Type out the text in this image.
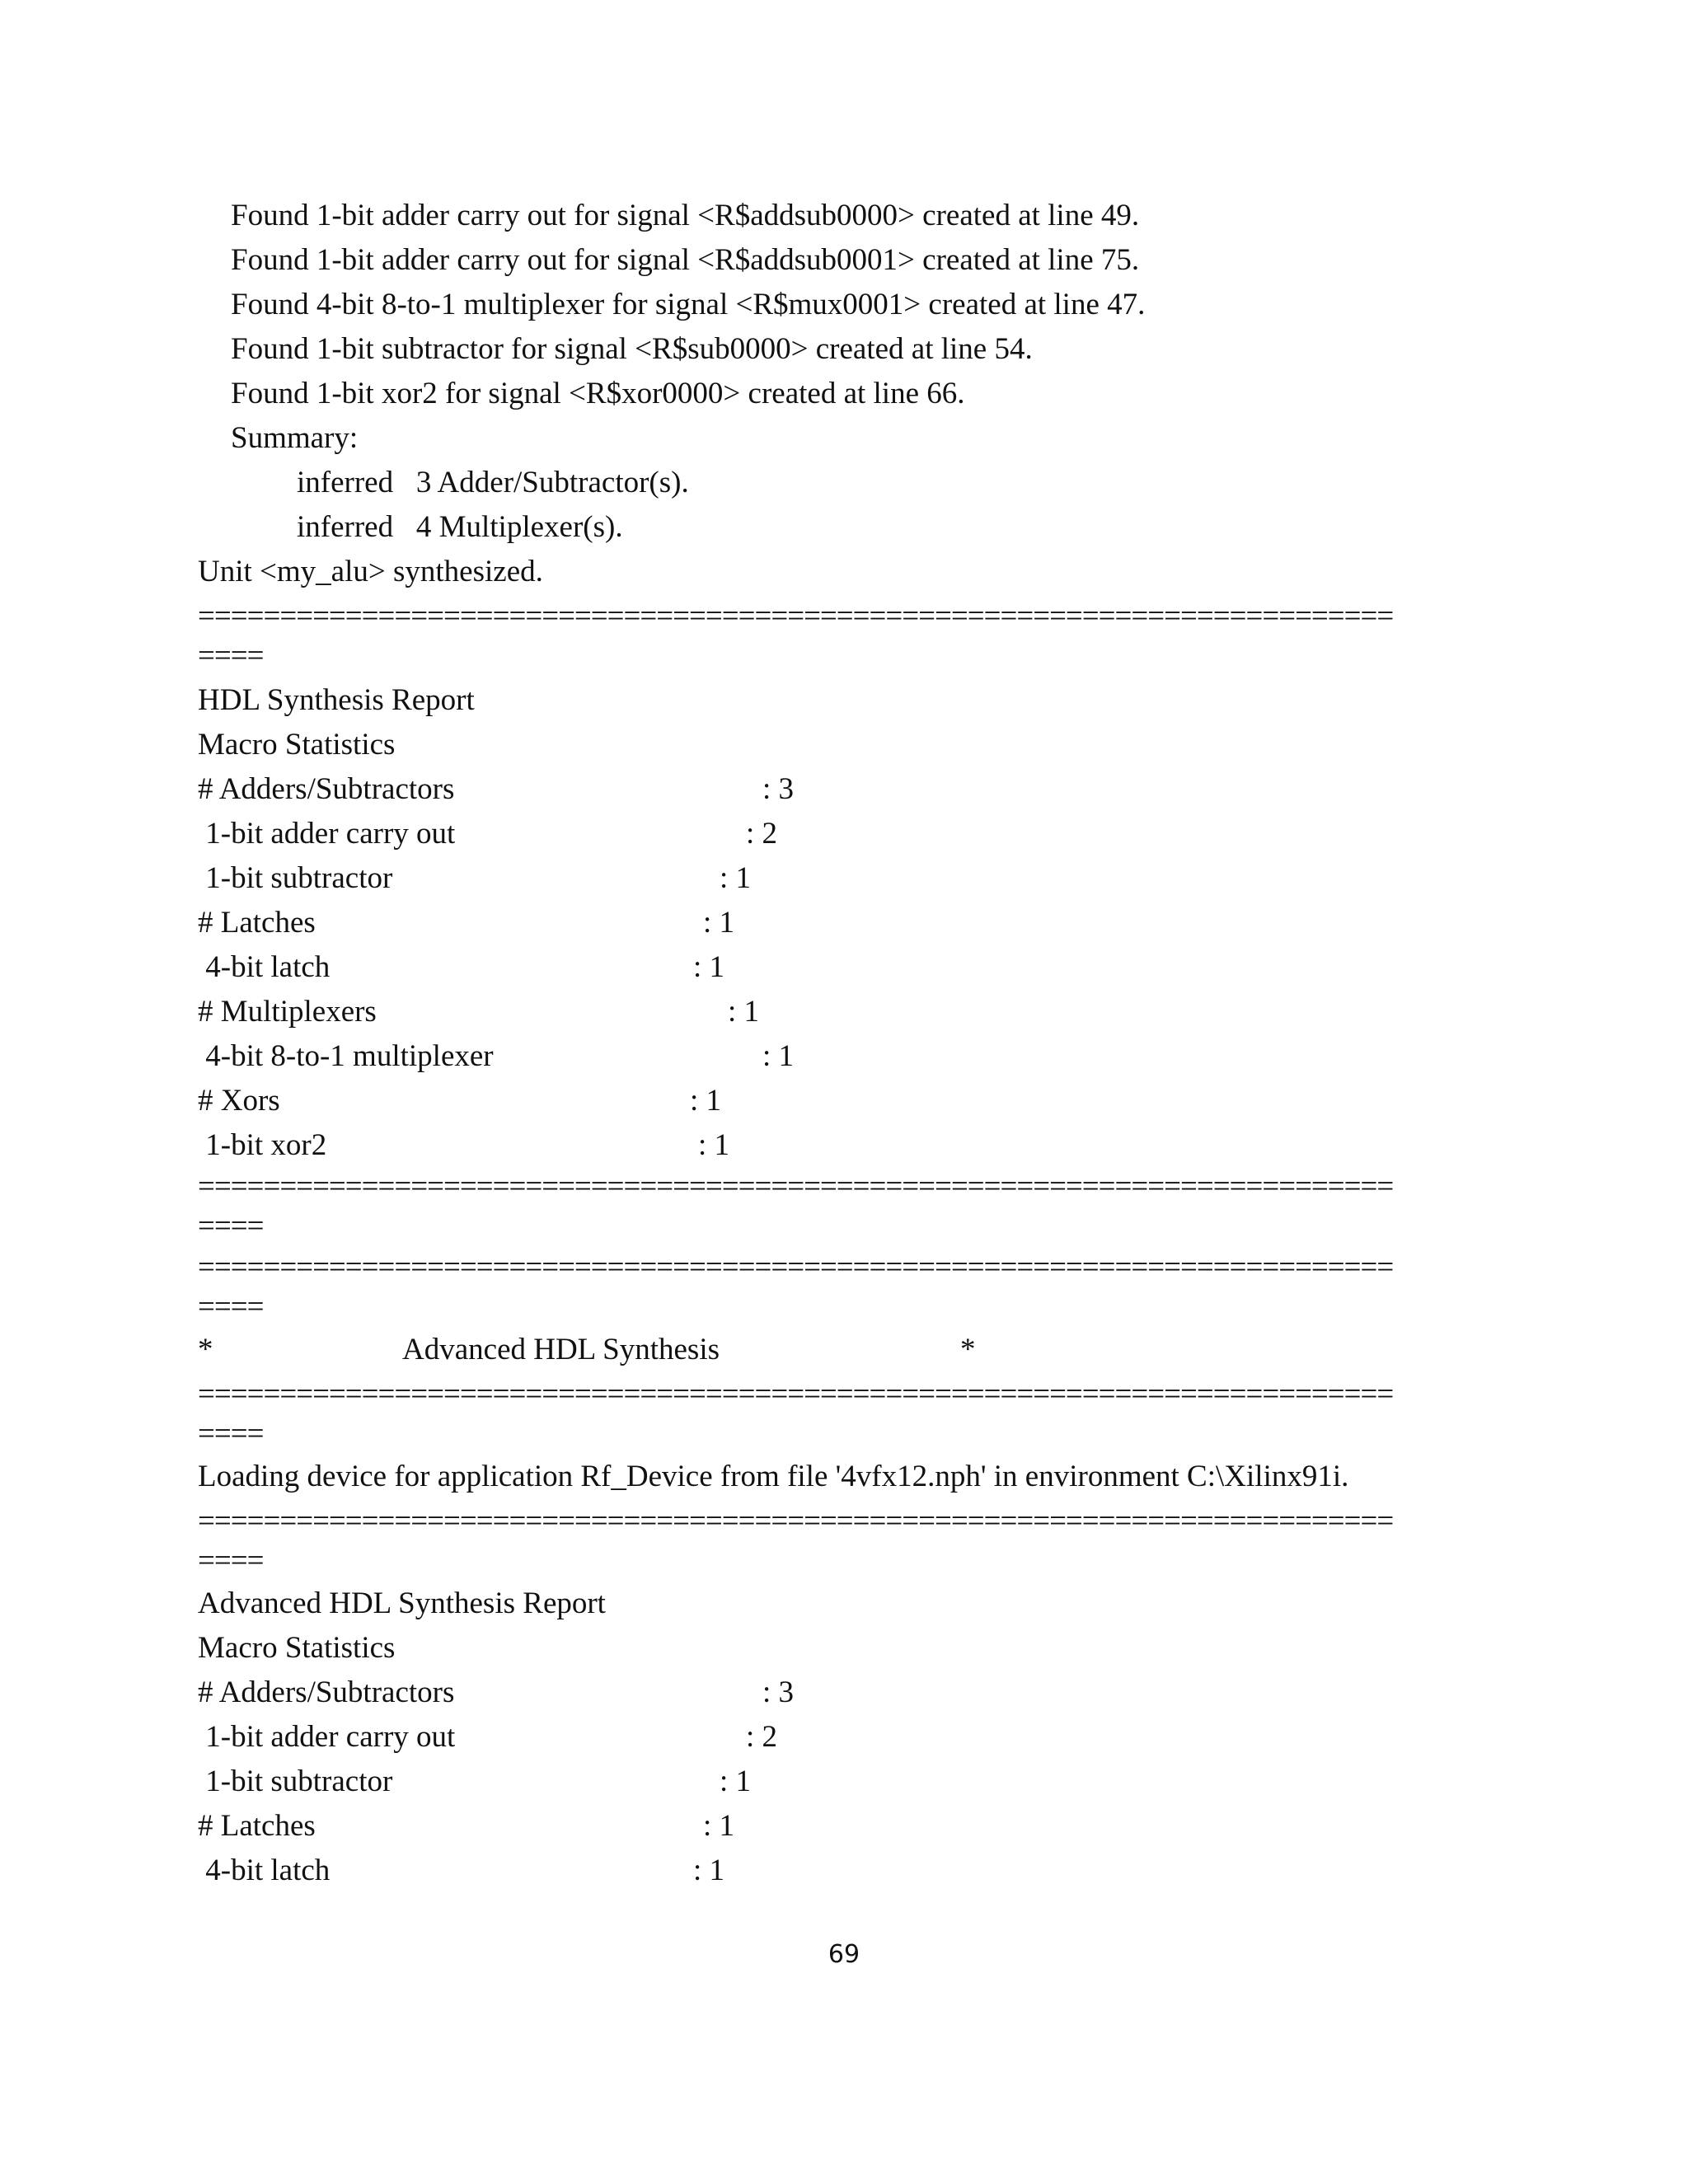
Found 1-bit adder carry out for signal <R$addsub0000> created at line 49.
Found 1-bit adder carry out for signal <R$addsub0001> created at line 75.
Found 4-bit 8-to-1 multiplexer for signal <R$mux0001> created at line 47.
Found 1-bit subtractor for signal <R$sub0000> created at line 54.
Found 1-bit xor2 for signal <R$xor0000> created at line 66.
Summary:
inferred   3 Adder/Subtractor(s).
inferred   4 Multiplexer(s).
Unit <my_alu> synthesized.
=========================================================================
====
HDL Synthesis Report
Macro Statistics
# Adders/Subtractors	: 3
1-bit adder carry out	: 2
1-bit subtractor	: 1
# Latches	: 1
4-bit latch	: 1
# Multiplexers	: 1
4-bit 8-to-1 multiplexer	: 1
# Xors	: 1
1-bit xor2	: 1
=========================================================================
====
=========================================================================
====
*	Advanced HDL Synthesis	*
=========================================================================
====
Loading device for application Rf_Device from file '4vfx12.nph' in environment C:\Xilinx91i.
=========================================================================
====
Advanced HDL Synthesis Report
Macro Statistics
# Adders/Subtractors	: 3
1-bit adder carry out	: 2
1-bit subtractor	: 1
# Latches	: 1
4-bit latch	: 1
69
